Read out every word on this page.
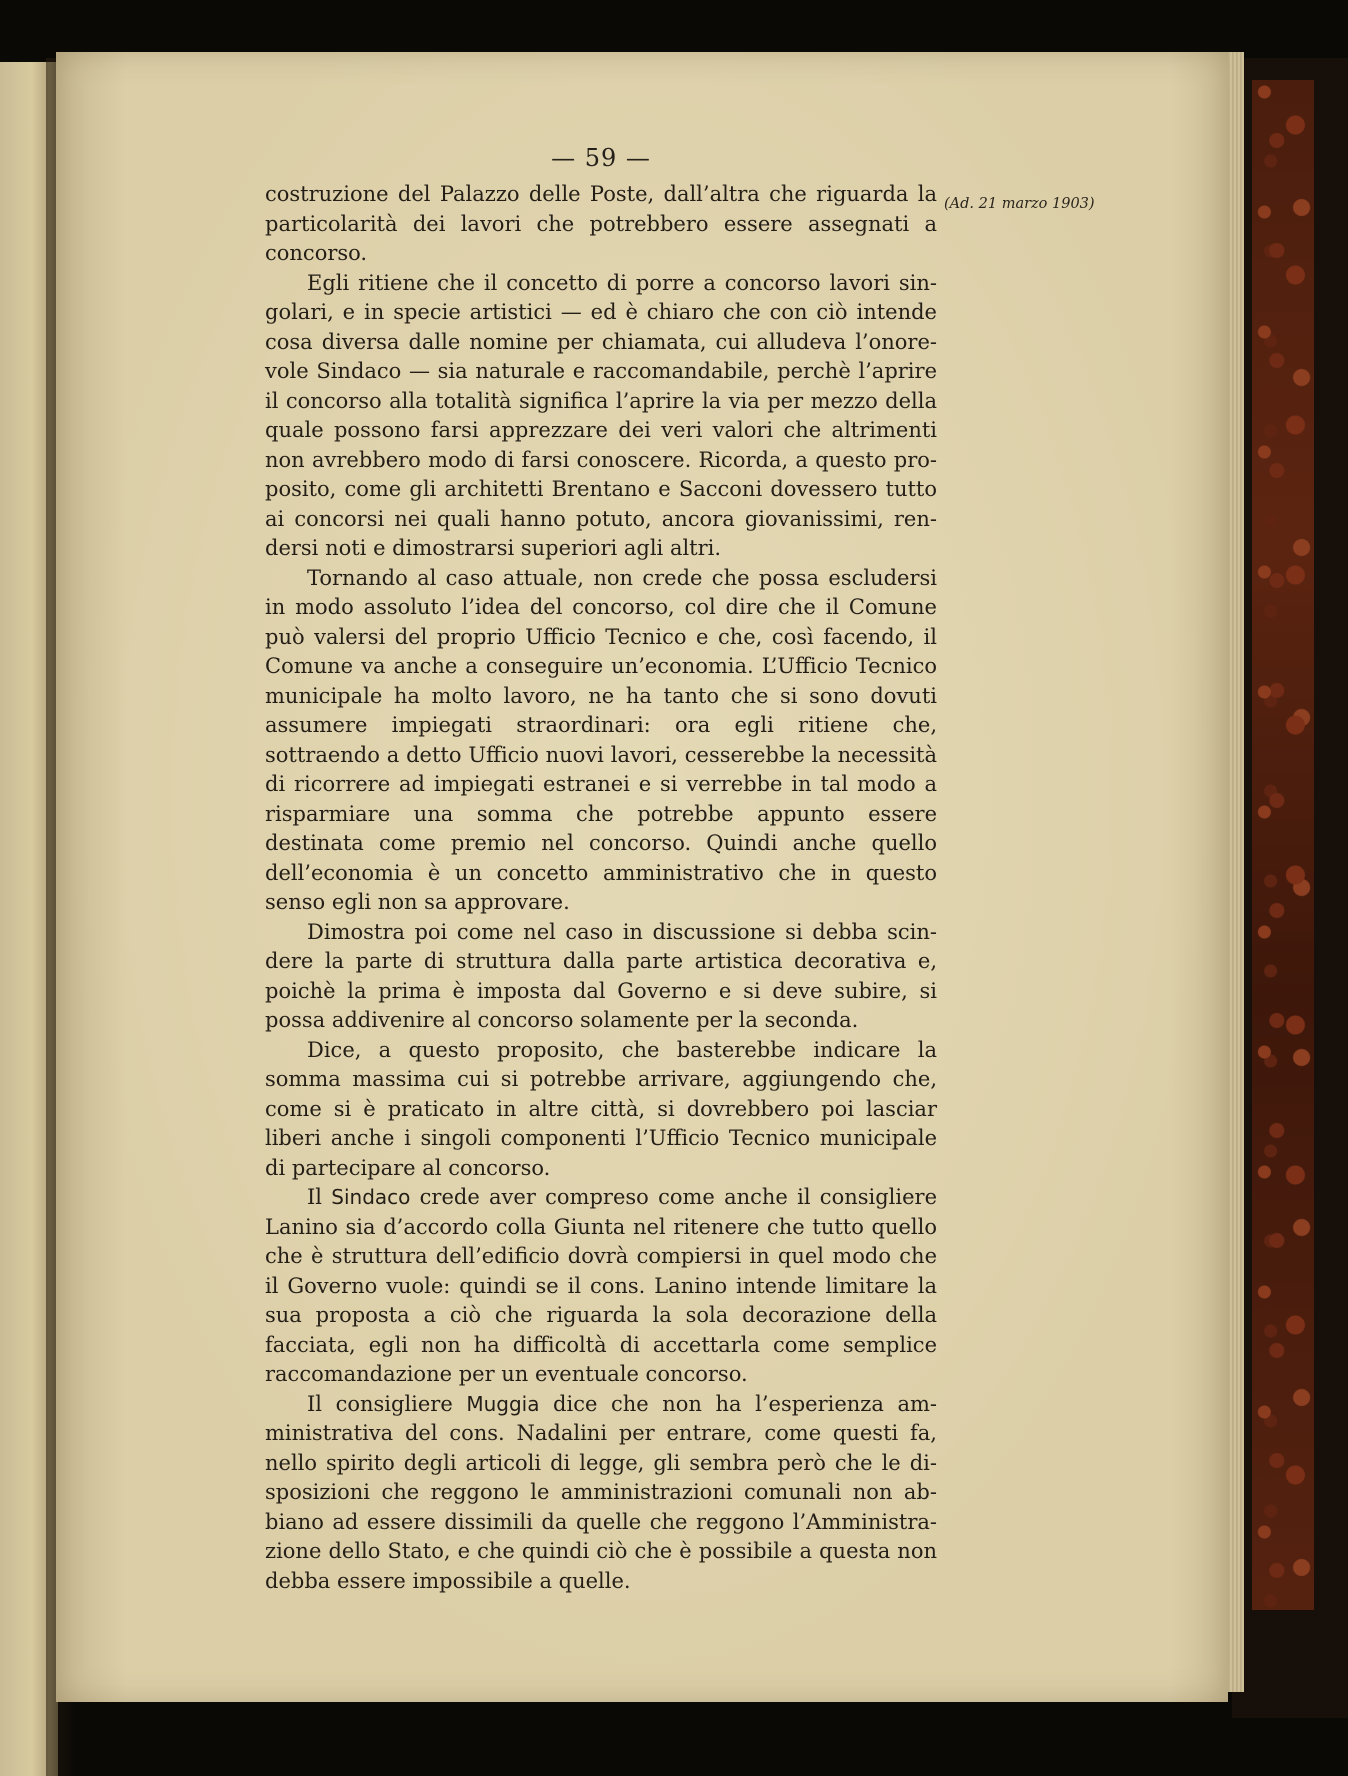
— 59 —
(Ad. 21 marzo 1903)

costruzione del Palazzo delle Poste, dall’altra che riguarda la particolarità dei lavori che potrebbero essere assegnati a concorso.

Egli ritiene che il concetto di porre a concorso lavori singolari, e in specie artistici — ed è chiaro che con ciò intende cosa diversa dalle nomine per chiamata, cui alludeva l’onorevole Sindaco — sia naturale e raccomandabile, perchè l’aprire il concorso alla totalità significa l’aprire la via per mezzo della quale possono farsi apprezzare dei veri valori che altrimenti non avrebbero modo di farsi conoscere. Ricorda, a questo proposito, come gli architetti Brentano e Sacconi dovessero tutto ai concorsi nei quali hanno potuto, ancora giovanissimi, rendersi noti e dimostrarsi superiori agli altri.

Tornando al caso attuale, non crede che possa escludersi in modo assoluto l’idea del concorso, col dire che il Comune può valersi del proprio Ufficio Tecnico e che, così facendo, il Comune va anche a conseguire un’economia. L’Ufficio Tecnico municipale ha molto lavoro, ne ha tanto che si sono dovuti assumere impiegati straordinari: ora egli ritiene che, sottraendo a detto Ufficio nuovi lavori, cesserebbe la necessità di ricorrere ad impiegati estranei e si verrebbe in tal modo a risparmiare una somma che potrebbe appunto essere destinata come premio nel concorso. Quindi anche quello dell’economia è un concetto amministrativo che in questo senso egli non sa approvare.

Dimostra poi come nel caso in discussione si debba scindere la parte di struttura dalla parte artistica decorativa e, poichè la prima è imposta dal Governo e si deve subire, si possa addivenire al concorso solamente per la seconda.

Dice, a questo proposito, che basterebbe indicare la somma massima cui si potrebbe arrivare, aggiungendo che, come si è praticato in altre città, si dovrebbero poi lasciar liberi anche i singoli componenti l’Ufficio Tecnico municipale di partecipare al concorso.

Il Sindaco crede aver compreso come anche il consigliere Lanino sia d’accordo colla Giunta nel ritenere che tutto quello che è struttura dell’edificio dovrà compiersi in quel modo che il Governo vuole: quindi se il cons. Lanino intende limitare la sua proposta a ciò che riguarda la sola decorazione della facciata, egli non ha difficoltà di accettarla come semplice raccomandazione per un eventuale concorso.

Il consigliere Muggia dice che non ha l’esperienza amministrativa del cons. Nadalini per entrare, come questi fa, nello spirito degli articoli di legge, gli sembra però che le disposizioni che reggono le amministrazioni comunali non abbiano ad essere dissimili da quelle che reggono l’Amministrazione dello Stato, e che quindi ciò che è possibile a questa non debba essere impossibile a quelle.
